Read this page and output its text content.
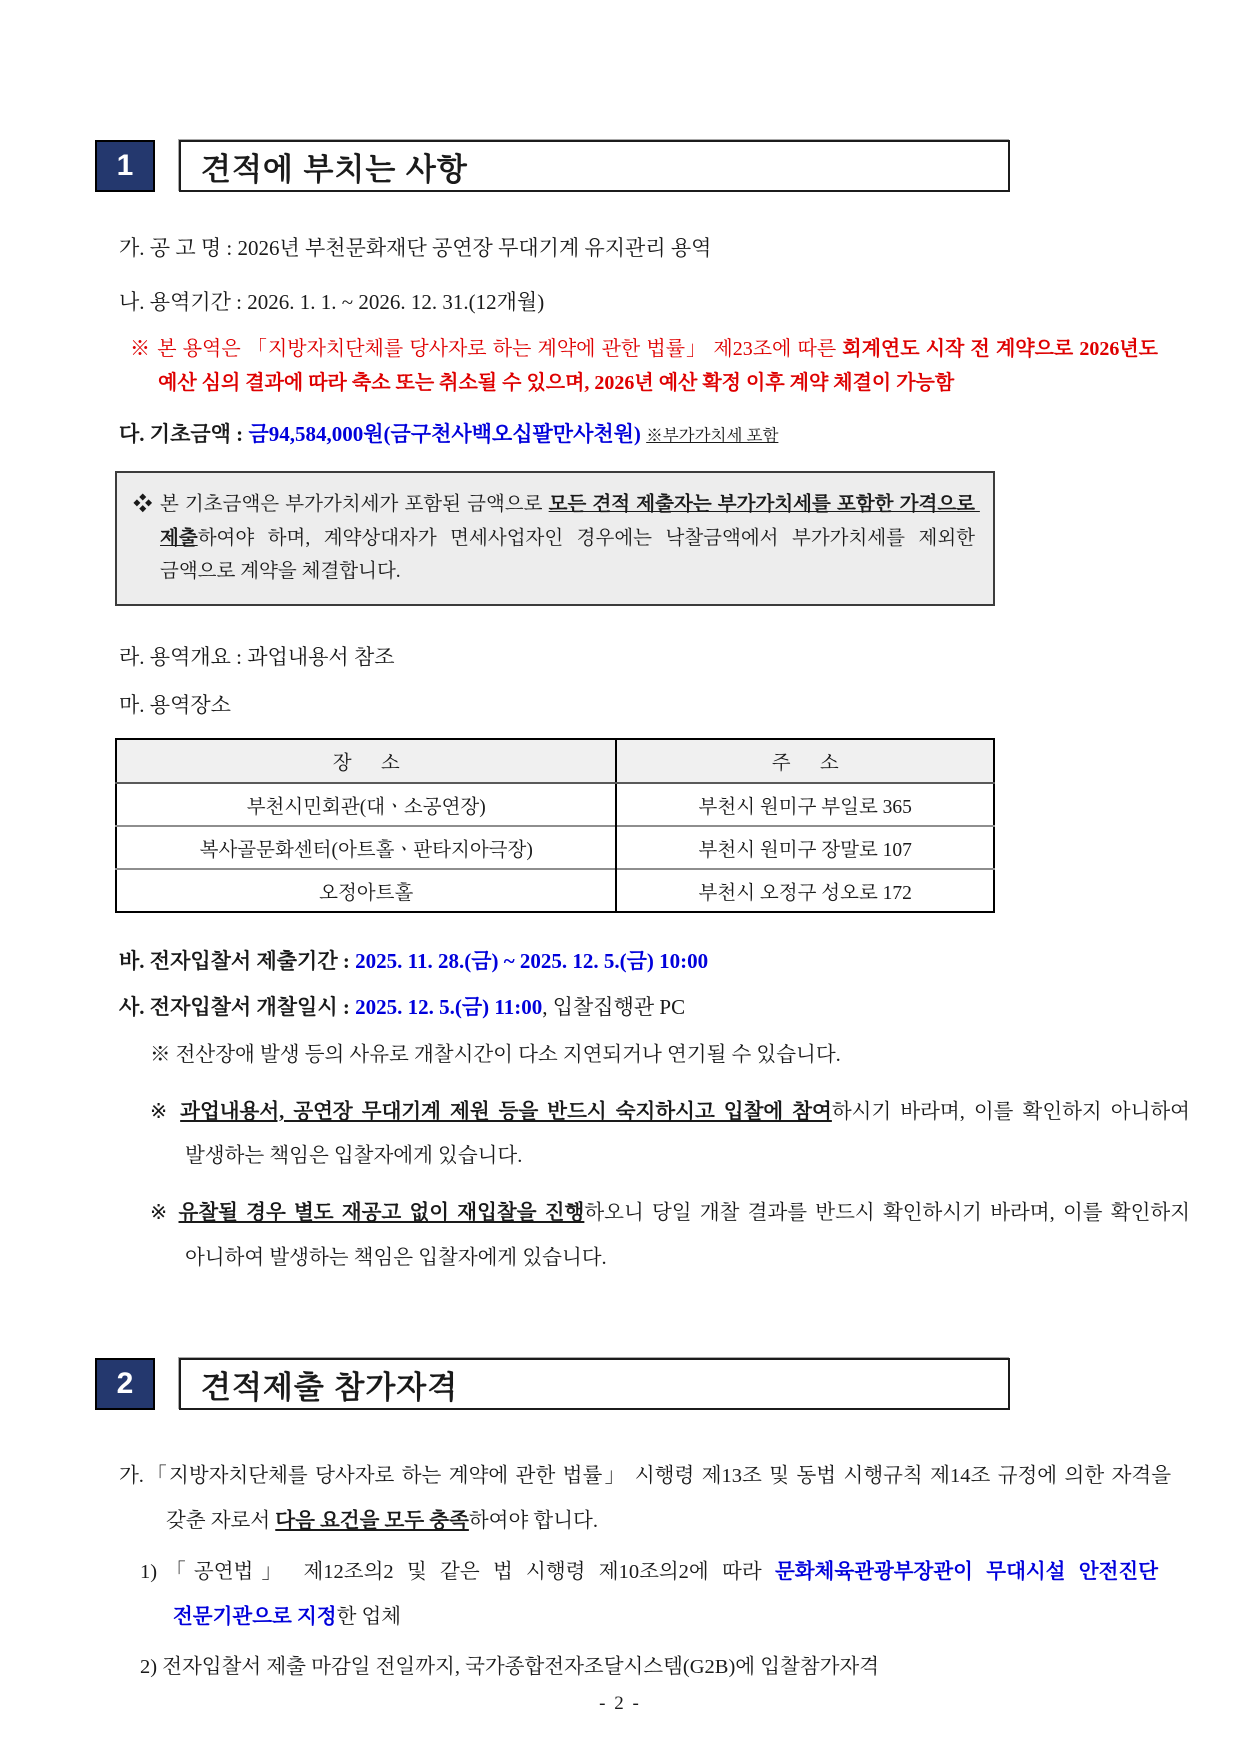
1	견적에 부치는 사항

가. 공 고 명 : 2026년 부천문화재단 공연장 무대기계 유지관리 용역

나. 용역기간 : 2026. 1. 1. ~ 2026. 12. 31.(12개월)

※ 본 용역은 「지방자치단체를 당사자로 하는 계약에 관한 법률」 제23조에 따른 회계연도 시작 전 계약으로 2026년도 예산 심의 결과에 따라 축소 또는 취소될 수 있으며, 2026년 예산 확정 이후 계약 체결이 가능함

다. 기초금액 : 금94,584,000원(금구천사백오십팔만사천원) ※부가가치세 포함

❖ 본 기초금액은 부가가치세가 포함된 금액으로 모든 견적 제출자는 부가가치세를 포함한 가격으로 제출하여야 하며, 계약상대자가 면세사업자인 경우에는 낙찰금액에서 부가가치세를 제외한 금액으로 계약을 체결합니다.

라. 용역개요 : 과업내용서 참조

마. 용역장소

장      소	주      소
부천시민회관(대ㆍ소공연장)	부천시 원미구 부일로 365
복사골문화센터(아트홀ㆍ판타지아극장)	부천시 원미구 장말로 107
오정아트홀	부천시 오정구 성오로 172

바. 전자입찰서 제출기간 : 2025. 11. 28.(금) ~ 2025. 12. 5.(금) 10:00

사. 전자입찰서 개찰일시 : 2025. 12. 5.(금) 11:00, 입찰집행관 PC

※ 전산장애 발생 등의 사유로 개찰시간이 다소 지연되거나 연기될 수 있습니다.

※ 과업내용서, 공연장 무대기계 제원 등을 반드시 숙지하시고 입찰에 참여하시기 바라며, 이를 확인하지 아니하여 발생하는 책임은 입찰자에게 있습니다.

※ 유찰될 경우 별도 재공고 없이 재입찰을 진행하오니 당일 개찰 결과를 반드시 확인하시기 바라며, 이를 확인하지 아니하여 발생하는 책임은 입찰자에게 있습니다.

2	견적제출 참가자격

가.「지방자치단체를 당사자로 하는 계약에 관한 법률」 시행령 제13조 및 동법 시행규칙 제14조 규정에 의한 자격을 갖춘 자로서 다음 요건을 모두 충족하여야 합니다.

1)「공연법」 제12조의2 및 같은 법 시행령 제10조의2에 따라 문화체육관광부장관이 무대시설 안전진단 전문기관으로 지정한 업체

2) 전자입찰서 제출 마감일 전일까지, 국가종합전자조달시스템(G2B)에 입찰참가자격

- 2 -
